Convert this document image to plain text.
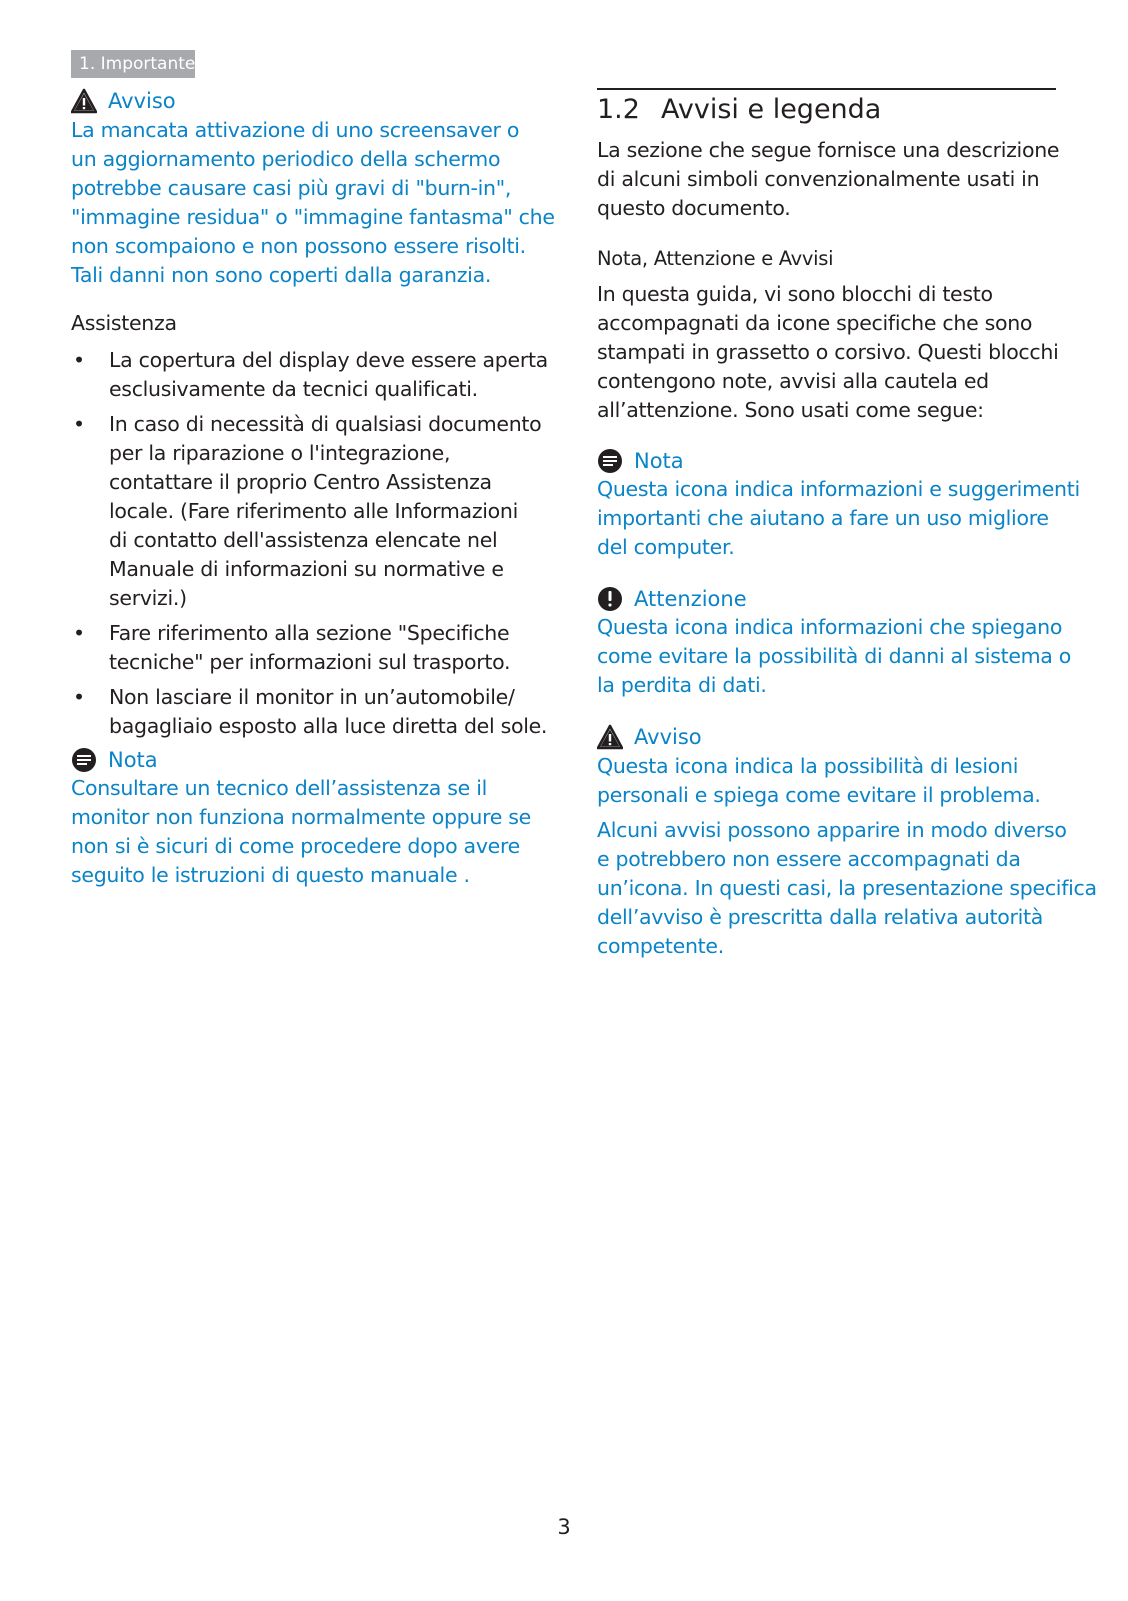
1. Importante
Avviso
La mancata attivazione di uno screensaver o
un aggiornamento periodico della schermo
potrebbe causare casi più gravi di "burn-in",
"immagine residua" o "immagine fantasma" che
non scompaiono e non possono essere risolti.
Tali danni non sono coperti dalla garanzia.
Assistenza
• La copertura del display deve essere aperta
esclusivamente da tecnici qualificati.
• In caso di necessità di qualsiasi documento
per la riparazione o l'integrazione,
contattare il proprio Centro Assistenza
locale. (Fare riferimento alle Informazioni
di contatto dell'assistenza elencate nel
Manuale di informazioni su normative e
servizi.)
• Fare riferimento alla sezione "Specifiche
tecniche" per informazioni sul trasporto.
• Non lasciare il monitor in un’automobile/
bagagliaio esposto alla luce diretta del sole.
Nota
Consultare un tecnico dell’assistenza se il
monitor non funziona normalmente oppure se
non si è sicuri di come procedere dopo avere
seguito le istruzioni di questo manuale .
1.2 Avvisi e legenda
La sezione che segue fornisce una descrizione
di alcuni simboli convenzionalmente usati in
questo documento.
Nota, Attenzione e Avvisi
In questa guida, vi sono blocchi di testo
accompagnati da icone specifiche che sono
stampati in grassetto o corsivo. Questi blocchi
contengono note, avvisi alla cautela ed
all’attenzione. Sono usati come segue:
Nota
Questa icona indica informazioni e suggerimenti
importanti che aiutano a fare un uso migliore
del computer.
Attenzione
Questa icona indica informazioni che spiegano
come evitare la possibilità di danni al sistema o
la perdita di dati.
Avviso
Questa icona indica la possibilità di lesioni
personali e spiega come evitare il problema.
Alcuni avvisi possono apparire in modo diverso
e potrebbero non essere accompagnati da
un’icona. In questi casi, la presentazione specifica
dell’avviso è prescritta dalla relativa autorità
competente.
3
